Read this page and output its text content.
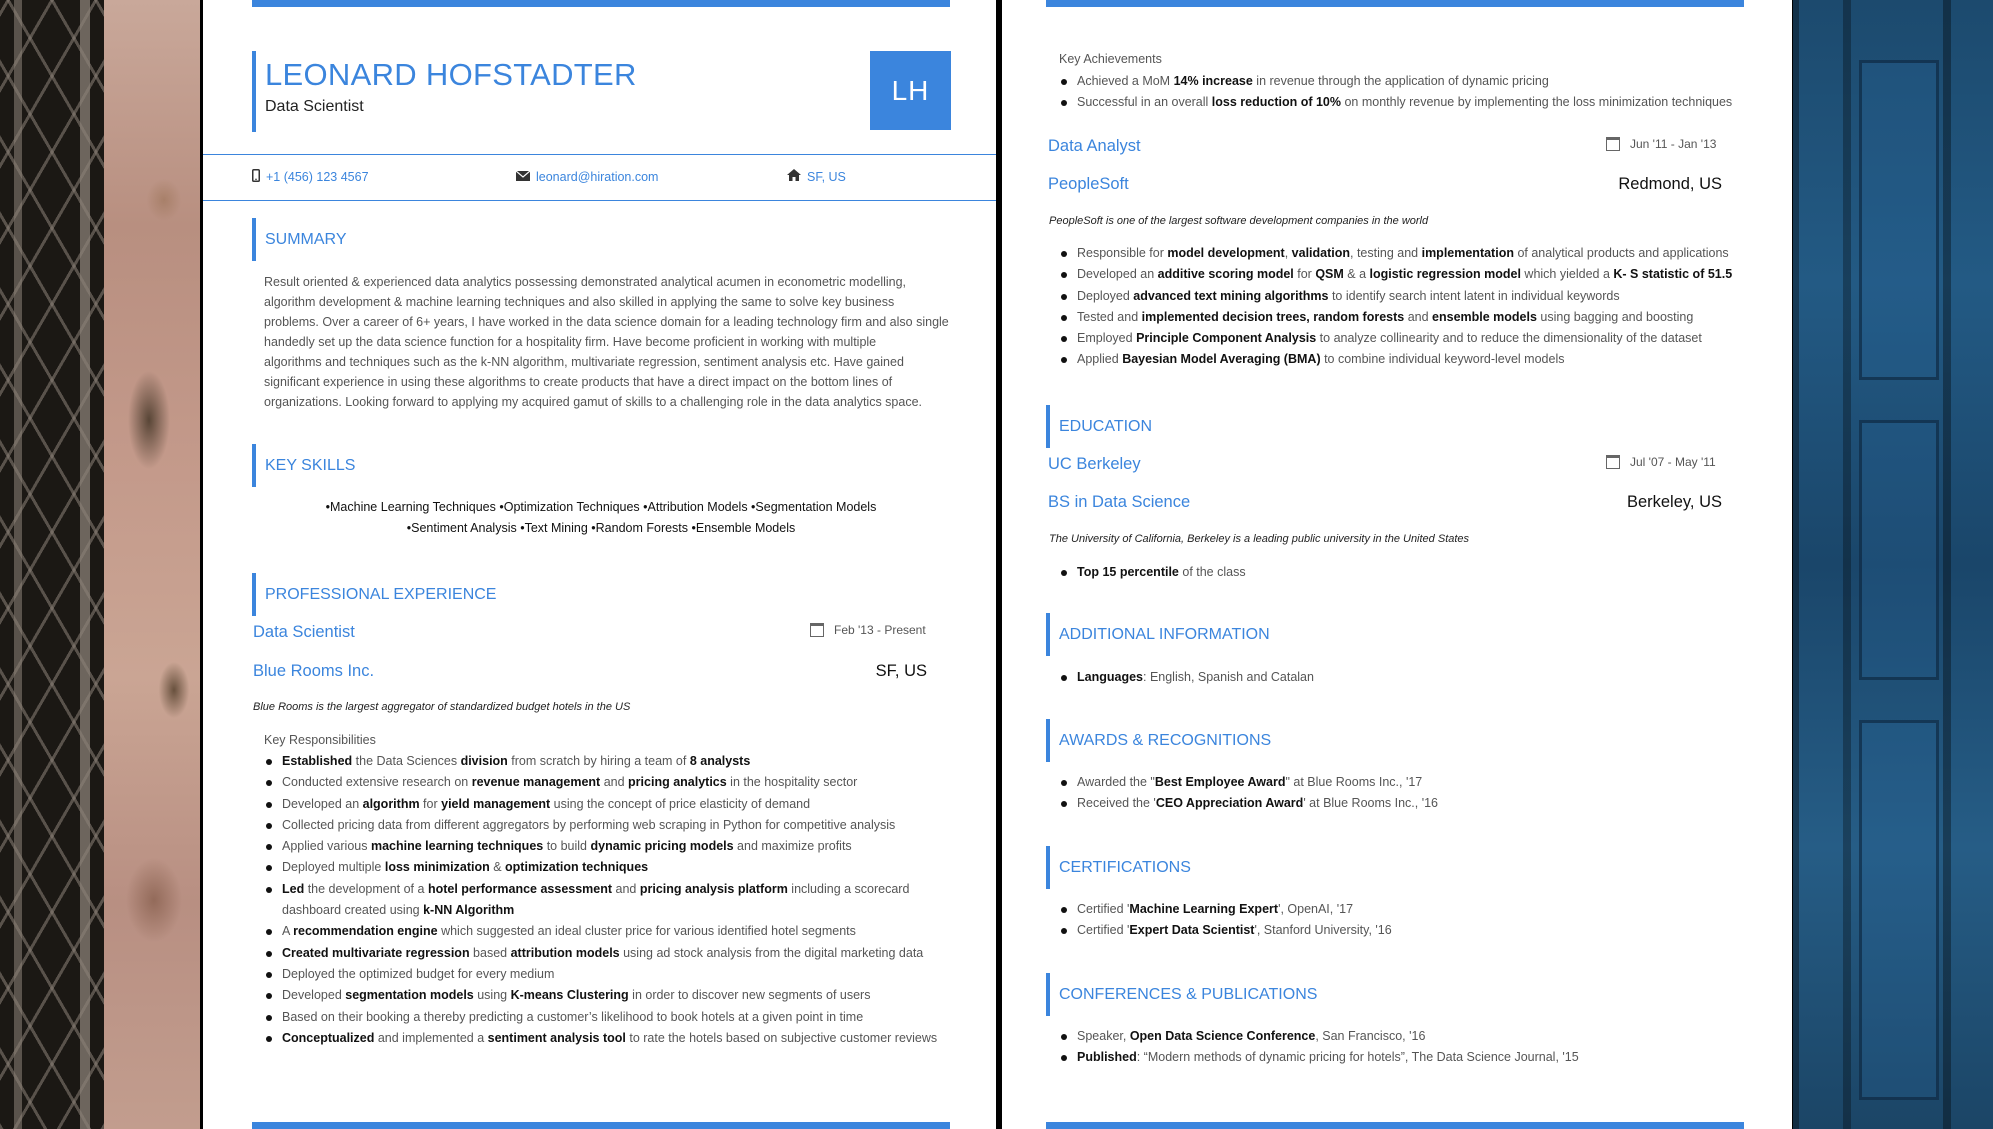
LEONARD HOFSTADTER
Data Scientist
LH
+1 (456) 123 4567	leonard@hiration.com	SF, US
SUMMARY
Result oriented & experienced data analytics possessing demonstrated analytical acumen in econometric modelling,
algorithm development & machine learning techniques and also skilled in applying the same to solve key business
problems. Over a career of 6+ years, I have worked in the data science domain for a leading technology firm and also single
handedly set up the data science function for a hospitality firm. Have become proficient in working with multiple
algorithms and techniques such as the k-NN algorithm, multivariate regression, sentiment analysis etc. Have gained
significant experience in using these algorithms to create products that have a direct impact on the bottom lines of
organizations. Looking forward to applying my acquired gamut of skills to a challenging role in the data analytics space.
KEY SKILLS
•Machine Learning Techniques •Optimization Techniques •Attribution Models •Segmentation Models
•Sentiment Analysis •Text Mining •Random Forests •Ensemble Models
PROFESSIONAL EXPERIENCE
Data Scientist	Feb '13 - Present
Blue Rooms Inc.	SF, US
Blue Rooms is the largest aggregator of standardized budget hotels in the US
Key Responsibilities
Established the Data Sciences division from scratch by hiring a team of 8 analysts
Conducted extensive research on revenue management and pricing analytics in the hospitality sector
Developed an algorithm for yield management using the concept of price elasticity of demand
Collected pricing data from different aggregators by performing web scraping in Python for competitive analysis
Applied various machine learning techniques to build dynamic pricing models and maximize profits
Deployed multiple loss minimization & optimization techniques
Led the development of a hotel performance assessment and pricing analysis platform including a scorecard dashboard created using k-NN Algorithm
A recommendation engine which suggested an ideal cluster price for various identified hotel segments
Created multivariate regression based attribution models using ad stock analysis from the digital marketing data
Deployed the optimized budget for every medium
Developed segmentation models using K-means Clustering in order to discover new segments of users
Based on their booking a thereby predicting a customer’s likelihood to book hotels at a given point in time
Conceptualized and implemented a sentiment analysis tool to rate the hotels based on subjective customer reviews
Key Achievements
Achieved a MoM 14% increase in revenue through the application of dynamic pricing
Successful in an overall loss reduction of 10% on monthly revenue by implementing the loss minimization techniques
Data Analyst	Jun '11 - Jan '13
PeopleSoft	Redmond, US
PeopleSoft is one of the largest software development companies in the world
Responsible for model development, validation, testing and implementation of analytical products and applications
Developed an additive scoring model for QSM & a logistic regression model which yielded a K- S statistic of 51.5
Deployed advanced text mining algorithms to identify search intent latent in individual keywords
Tested and implemented decision trees, random forests and ensemble models using bagging and boosting
Employed Principle Component Analysis to analyze collinearity and to reduce the dimensionality of the dataset
Applied Bayesian Model Averaging (BMA) to combine individual keyword-level models
EDUCATION
UC Berkeley	Jul '07 - May '11
BS in Data Science	Berkeley, US
The University of California, Berkeley is a leading public university in the United States
Top 15 percentile of the class
ADDITIONAL INFORMATION
Languages: English, Spanish and Catalan
AWARDS & RECOGNITIONS
Awarded the "Best Employee Award" at Blue Rooms Inc., '17
Received the 'CEO Appreciation Award' at Blue Rooms Inc., '16
CERTIFICATIONS
Certified 'Machine Learning Expert', OpenAI, '17
Certified 'Expert Data Scientist', Stanford University, '16
CONFERENCES & PUBLICATIONS
Speaker, Open Data Science Conference, San Francisco, '16
Published: “Modern methods of dynamic pricing for hotels”, The Data Science Journal, '15
